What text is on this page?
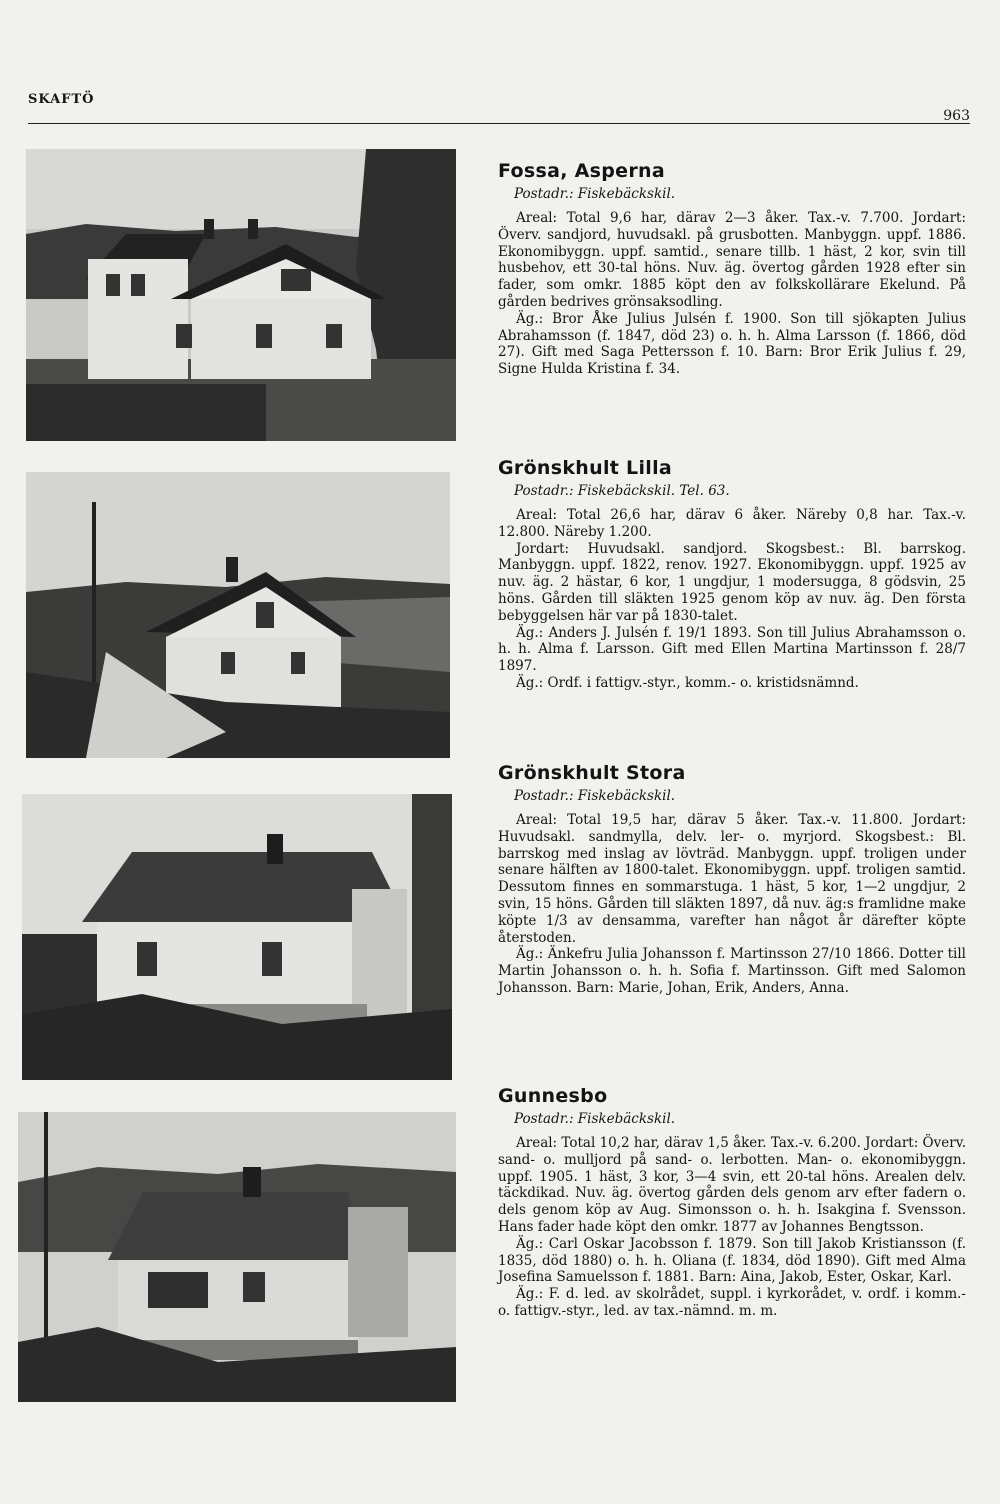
SKAFTÖ
963
Fossa, Asperna
Postadr.: Fiskebäckskil.

Areal: Total 9,6 har, därav 2—3 åker. Tax.-v. 7.700. Jordart: Överv. sandjord, huvudsakl. på grusbotten. Manbyggn. uppf. 1886. Ekonomibyggn. uppf. samtid., senare tillb. 1 häst, 2 kor, svin till husbehov, ett 30-tal höns. Nuv. äg. övertog gården 1928 efter sin fader, som omkr. 1885 köpt den av folkskollärare Ekelund. På gården bedrives grönsaksodling.

Äg.: Bror Åke Julius Julsén f. 1900. Son till sjökapten Julius Abrahamsson (f. 1847, död 23) o. h. h. Alma Larsson (f. 1866, död 27). Gift med Saga Pettersson f. 10. Barn: Bror Erik Julius f. 29, Signe Hulda Kristina f. 34.

Grönskhult Lilla
Postadr.: Fiskebäckskil. Tel. 63.

Areal: Total 26,6 har, därav 6 åker. Näreby 0,8 har. Tax.-v. 12.800. Näreby 1.200.

Jordart: Huvudsakl. sandjord. Skogsbest.: Bl. barrskog. Manbyggn. uppf. 1822, renov. 1927. Ekonomibyggn. uppf. 1925 av nuv. äg. 2 hästar, 6 kor, 1 ungdjur, 1 modersugga, 8 gödsvin, 25 höns. Gården till släkten 1925 genom köp av nuv. äg. Den första bebyggelsen här var på 1830-talet.

Äg.: Anders J. Julsén f. 19/1 1893. Son till Julius Abrahamsson o. h. h. Alma f. Larsson. Gift med Ellen Martina Martinsson f. 28/7 1897.

Äg.: Ordf. i fattigv.-styr., komm.- o. kristidsnämnd.

Grönskhult Stora
Postadr.: Fiskebäckskil.

Areal: Total 19,5 har, därav 5 åker. Tax.-v. 11.800. Jordart: Huvudsakl. sandmylla, delv. ler- o. myrjord. Skogsbest.: Bl. barrskog med inslag av lövträd. Manbyggn. uppf. troligen under senare hälften av 1800-talet. Ekonomibyggn. uppf. troligen samtid. Dessutom finnes en sommarstuga. 1 häst, 5 kor, 1—2 ungdjur, 2 svin, 15 höns. Gården till släkten 1897, då nuv. äg:s framlidne make köpte 1/3 av densamma, varefter han något år därefter köpte återstoden.

Äg.: Änkefru Julia Johansson f. Martinsson 27/10 1866. Dotter till Martin Johansson o. h. h. Sofia f. Martinsson. Gift med Salomon Johansson. Barn: Marie, Johan, Erik, Anders, Anna.

Gunnesbo
Postadr.: Fiskebäckskil.

Areal: Total 10,2 har, därav 1,5 åker. Tax.-v. 6.200. Jordart: Överv. sand- o. mulljord på sand- o. lerbotten. Man- o. ekonomibyggn. uppf. 1905. 1 häst, 3 kor, 3—4 svin, ett 20-tal höns. Arealen delv. täckdikad. Nuv. äg. övertog gården dels genom arv efter fadern o. dels genom köp av Aug. Simonsson o. h. h. Isakgina f. Svensson. Hans fader hade köpt den omkr. 1877 av Johannes Bengtsson.

Äg.: Carl Oskar Jacobsson f. 1879. Son till Jakob Kristiansson (f. 1835, död 1880) o. h. h. Oliana (f. 1834, död 1890). Gift med Alma Josefina Samuelsson f. 1881. Barn: Aina, Jakob, Ester, Oskar, Karl.

Äg.: F. d. led. av skolrådet, suppl. i kyrkorådet, v. ordf. i komm.- o. fattigv.-styr., led. av tax.-nämnd. m. m.
